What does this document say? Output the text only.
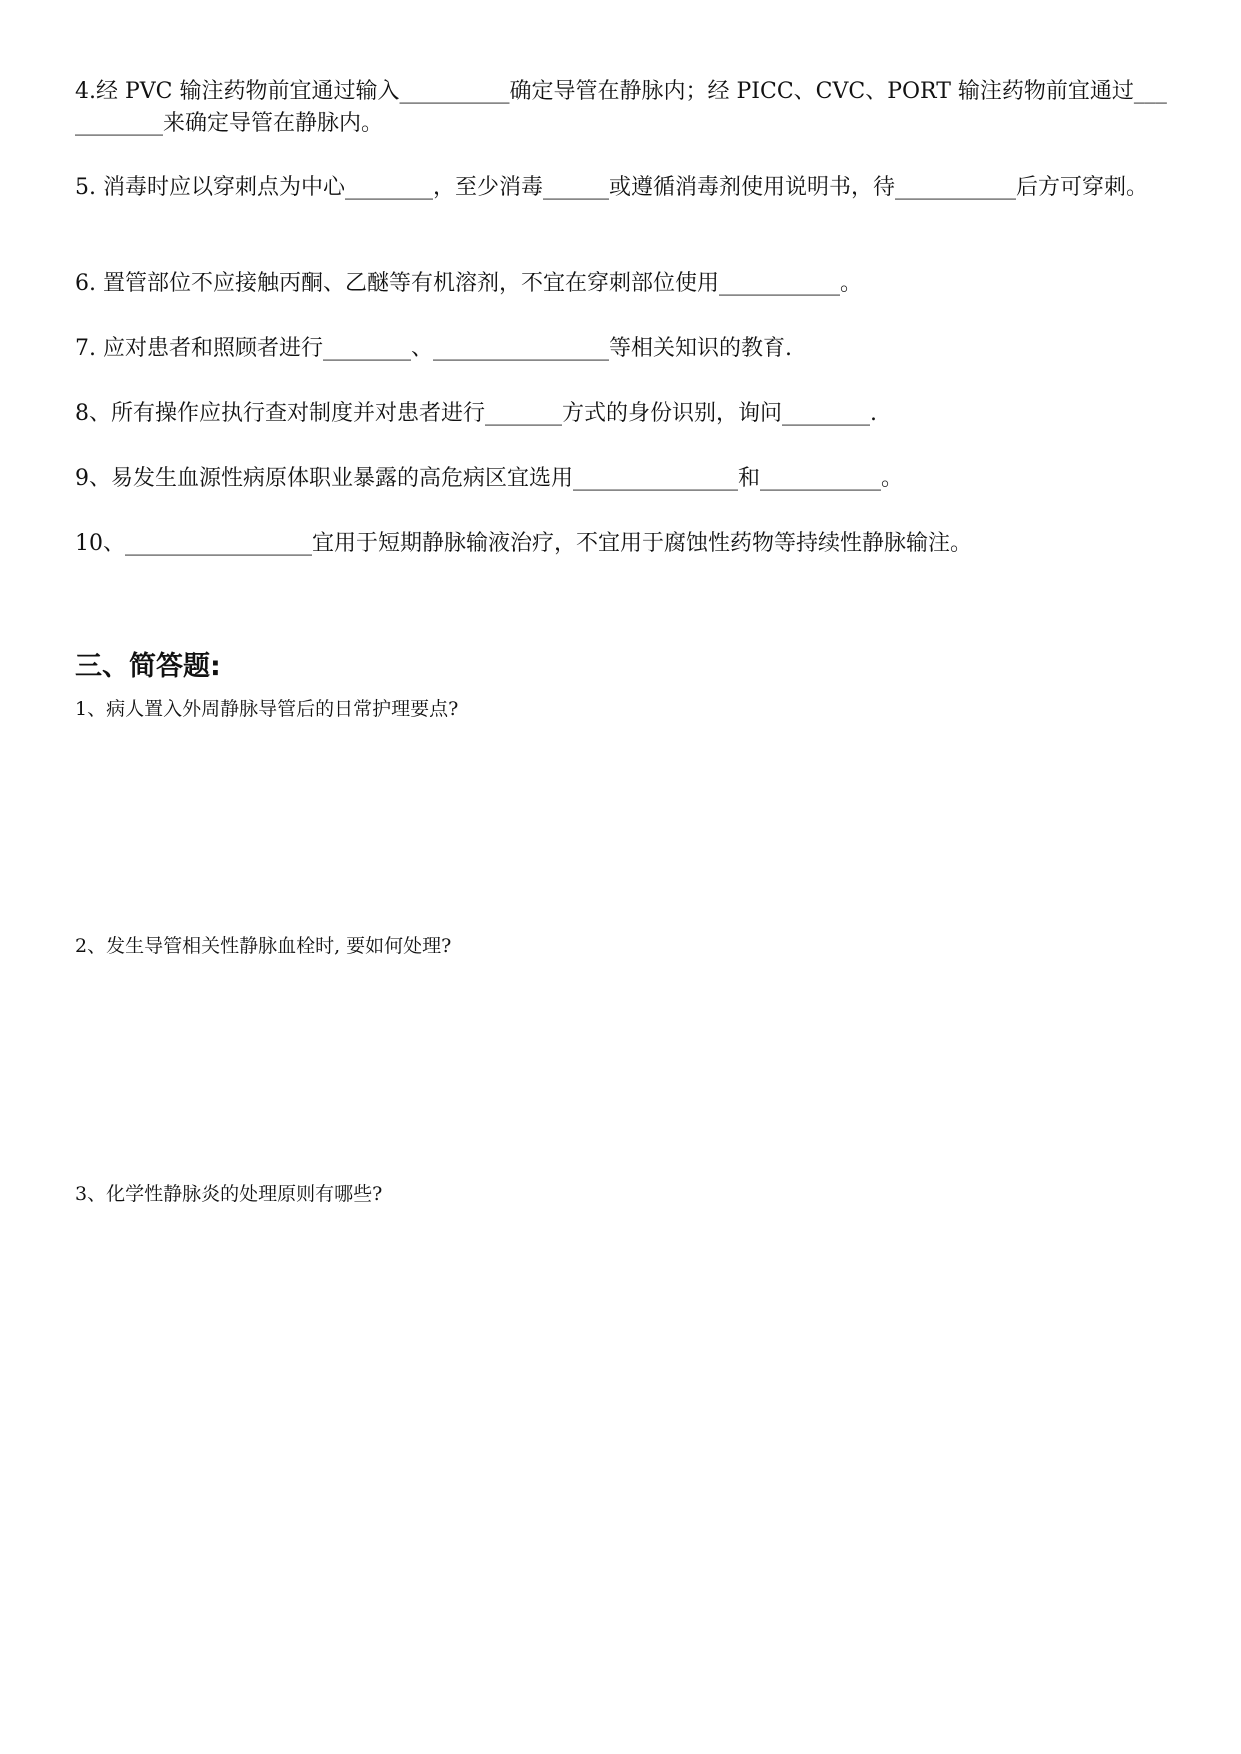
4.经 PVC 输注药物前宜通过输入__________确定导管在静脉内；经 PICC、CVC、PORT 输注药物前宜通过___________来确定导管在静脉内。

5. 消毒时应以穿刺点为中心________，至少消毒______或遵循消毒剂使用说明书，待___________后方可穿刺。

6. 置管部位不应接触丙酮、乙醚等有机溶剂，不宜在穿刺部位使用___________。

7. 应对患者和照顾者进行________、________________等相关知识的教育.

8、所有操作应执行查对制度并对患者进行_______方式的身份识别，询问________.

9、易发生血源性病原体职业暴露的高危病区宜选用_______________和___________。

10、_________________宜用于短期静脉输液治疗，不宜用于腐蚀性药物等持续性静脉输注。

三、简答题:

1、病人置入外周静脉导管后的日常护理要点?

2、发生导管相关性静脉血栓时, 要如何处理?

3、化学性静脉炎的处理原则有哪些?
